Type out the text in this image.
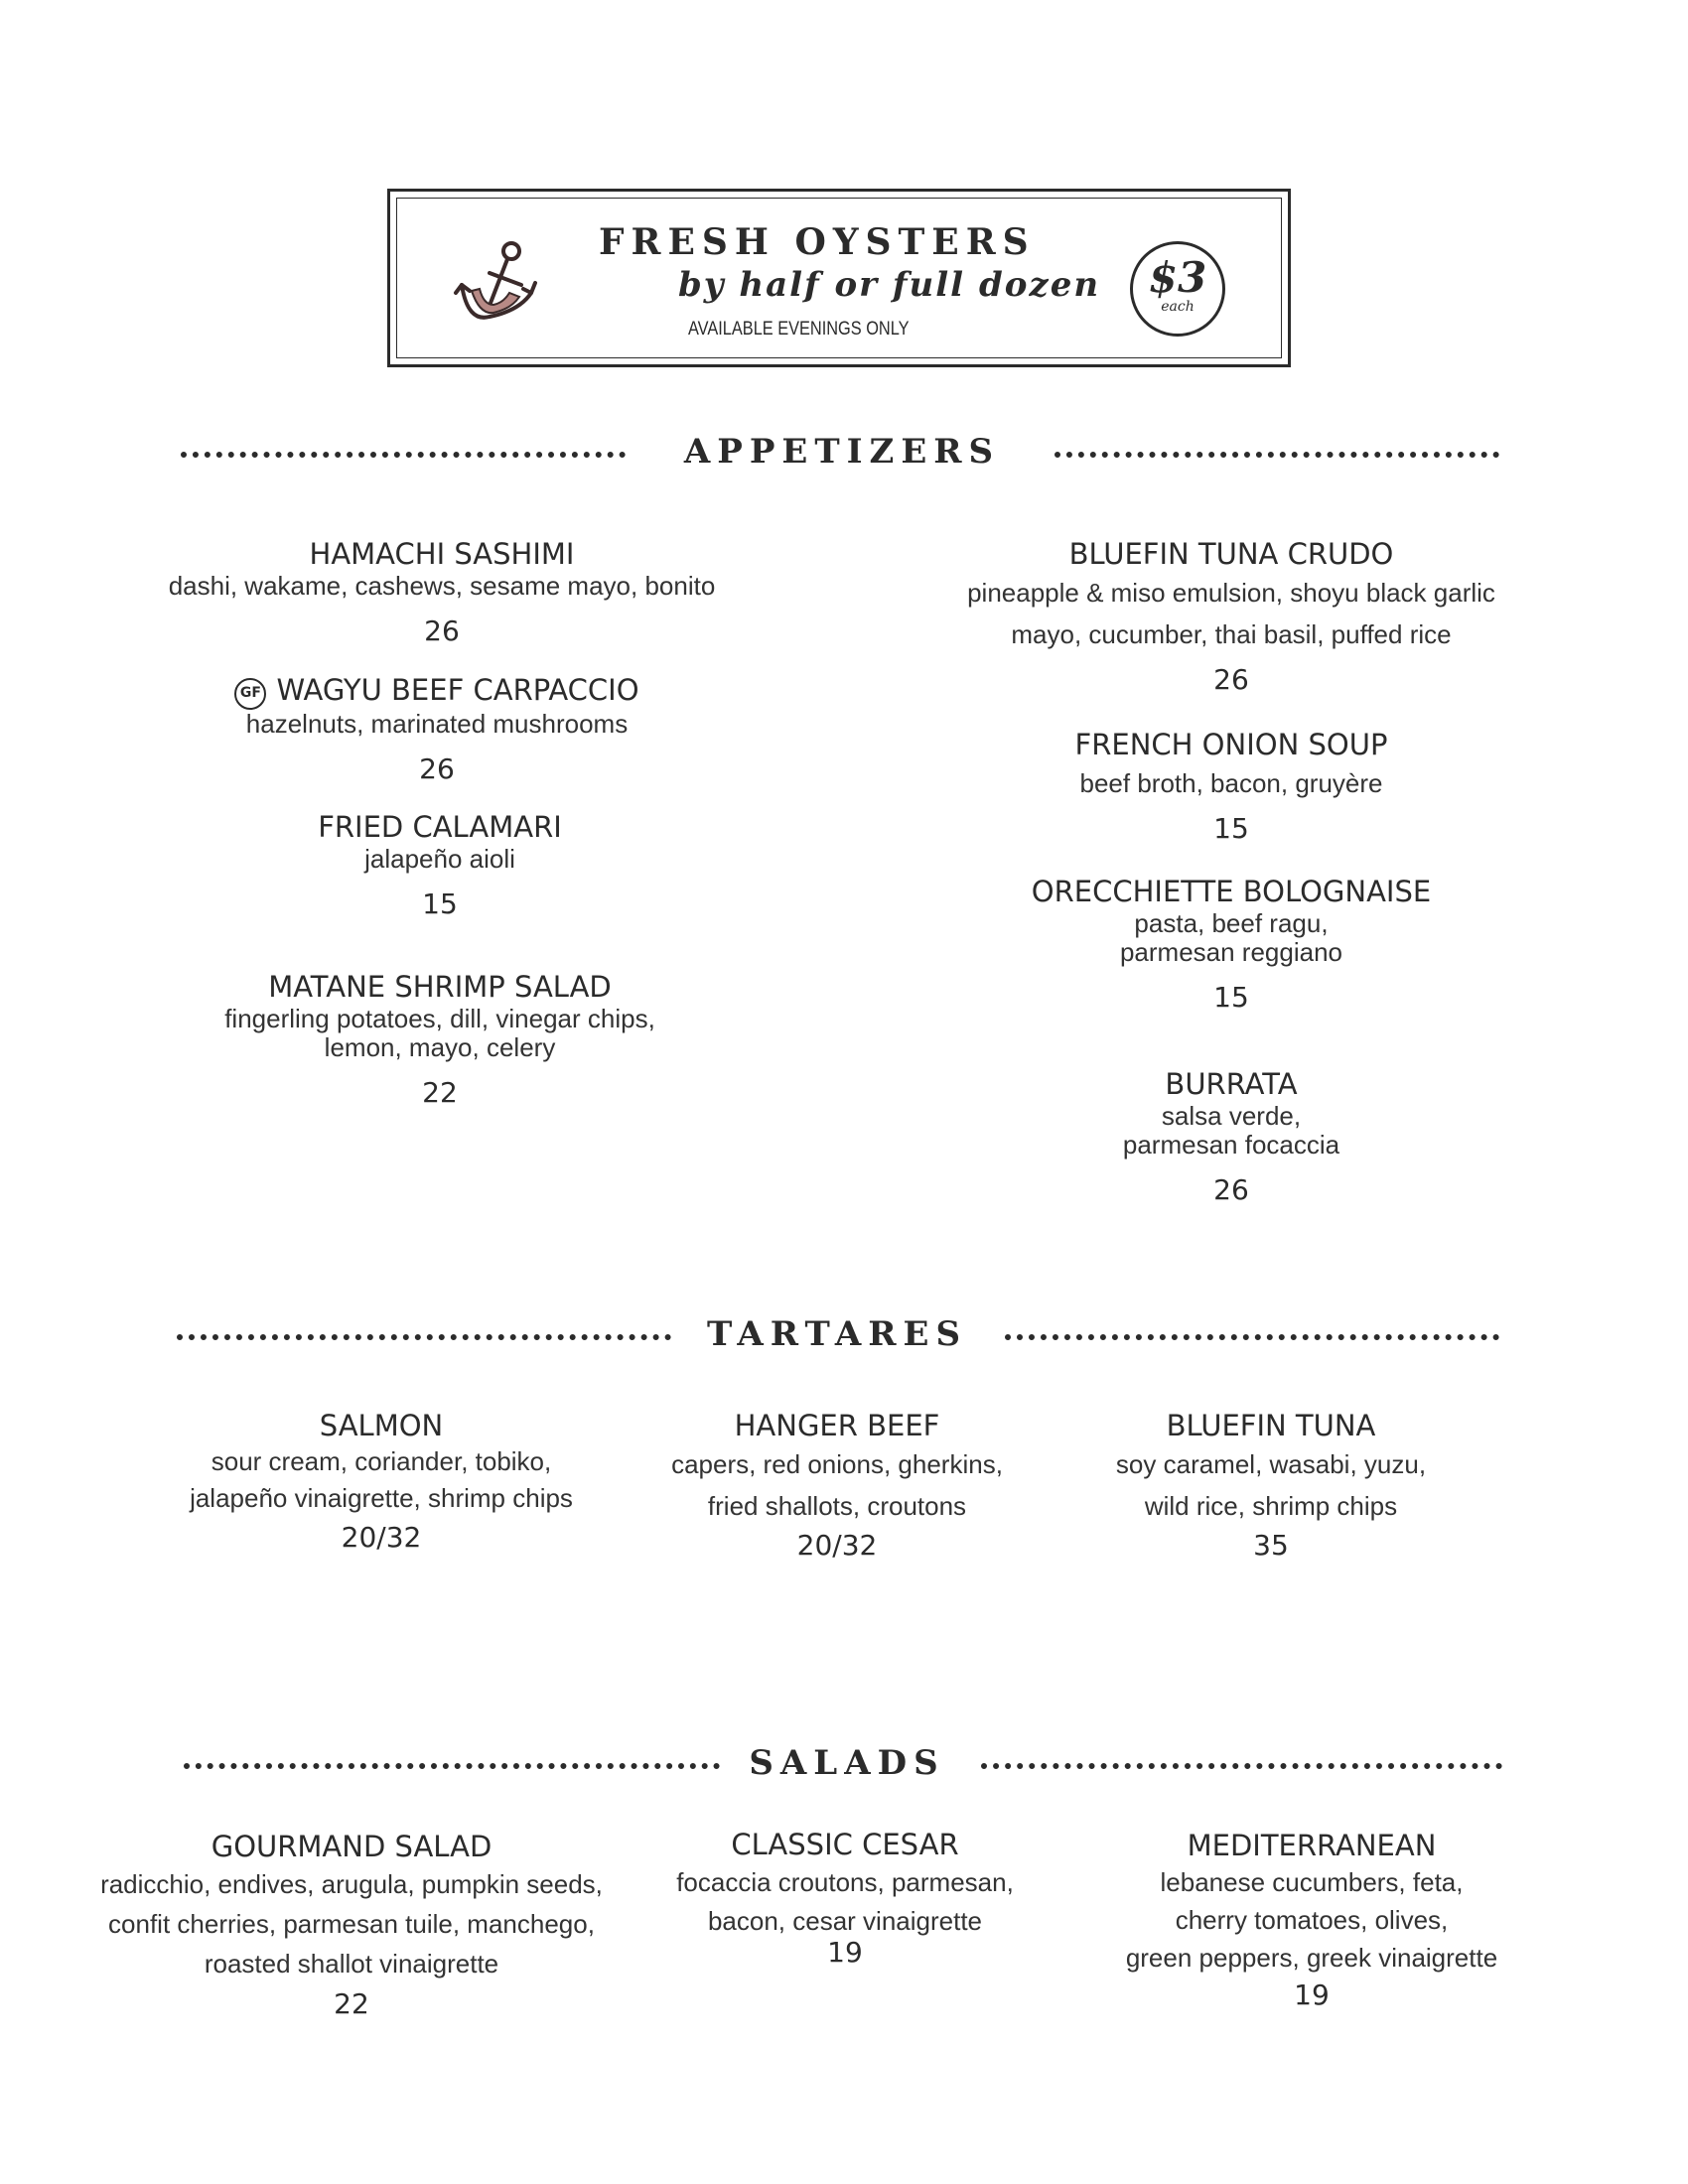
FRESH OYSTERS
by half or full dozen
AVAILABLE EVENINGS ONLY
$3
each
APPETIZERS
HAMACHI SASHIMI
dashi, wakame, cashews, sesame mayo, bonito
26
GF WAGYU BEEF CARPACCIO
hazelnuts, marinated mushrooms
26
FRIED CALAMARI
jalapeño aioli
15
MATANE SHRIMP SALAD
fingerling potatoes, dill, vinegar chips,
lemon, mayo, celery
22
BLUEFIN TUNA CRUDO
pineapple & miso emulsion, shoyu black garlic
mayo, cucumber, thai basil, puffed rice
26
FRENCH ONION SOUP
beef broth, bacon, gruyère
15
ORECCHIETTE BOLOGNAISE
pasta, beef ragu,
parmesan reggiano
15
BURRATA
salsa verde,
parmesan focaccia
26
TARTARES
SALMON
sour cream, coriander, tobiko,
jalapeño vinaigrette, shrimp chips
20/32
HANGER BEEF
capers, red onions, gherkins,
fried shallots, croutons
20/32
BLUEFIN TUNA
soy caramel, wasabi, yuzu,
wild rice, shrimp chips
35
SALADS
GOURMAND SALAD
radicchio, endives, arugula, pumpkin seeds,
confit cherries, parmesan tuile, manchego,
roasted shallot vinaigrette
22
CLASSIC CESAR
focaccia croutons, parmesan,
bacon, cesar vinaigrette
19
MEDITERRANEAN
lebanese cucumbers, feta,
cherry tomatoes, olives,
green peppers, greek vinaigrette
19
